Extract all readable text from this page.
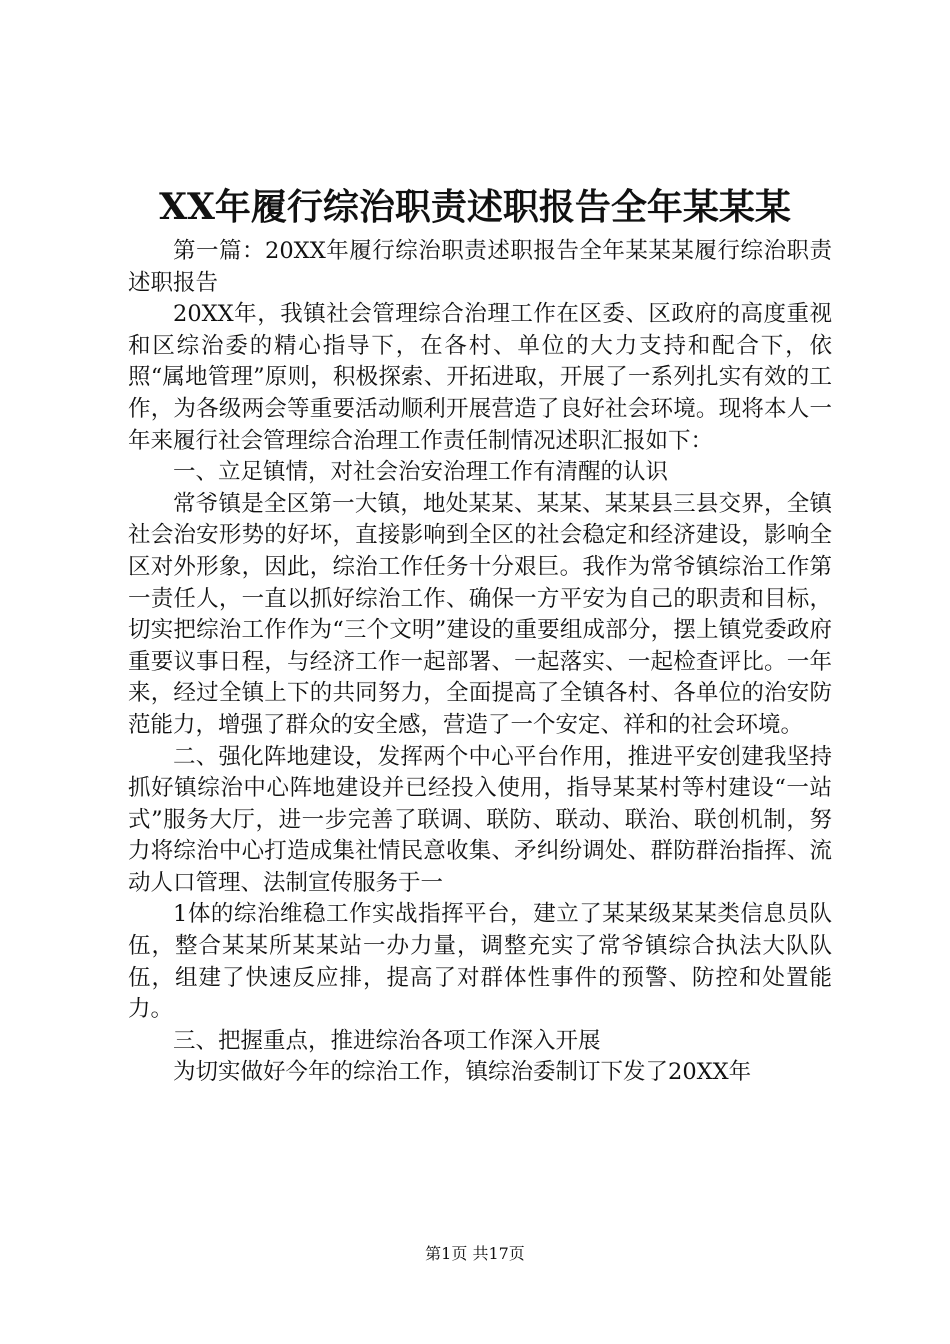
XX年履行综治职责述职报告全年某某某

第一篇：20XX年履行综治职责述职报告全年某某某履行综治职责述职报告

20XX年，我镇社会管理综合治理工作在区委、区政府的高度重视和区综治委的精心指导下，在各村、单位的大力支持和配合下，依照“属地管理”原则，积极探索、开拓进取，开展了一系列扎实有效的工作，为各级两会等重要活动顺利开展营造了良好社会环境。现将本人一年来履行社会管理综合治理工作责任制情况述职汇报如下：

一、立足镇情，对社会治安治理工作有清醒的认识

常爷镇是全区第一大镇，地处某某、某某、某某县三县交界，全镇社会治安形势的好坏，直接影响到全区的社会稳定和经济建设，影响全区对外形象，因此，综治工作任务十分艰巨。我作为常爷镇综治工作第一责任人，一直以抓好综治工作、确保一方平安为自己的职责和目标，切实把综治工作作为“三个文明”建设的重要组成部分，摆上镇党委政府重要议事日程，与经济工作一起部署、一起落实、一起检查评比。一年来，经过全镇上下的共同努力，全面提高了全镇各村、各单位的治安防范能力，增强了群众的安全感，营造了一个安定、祥和的社会环境。

二、强化阵地建设，发挥两个中心平台作用，推进平安创建我坚持抓好镇综治中心阵地建设并已经投入使用，指导某某村等村建设“一站式”服务大厅，进一步完善了联调、联防、联动、联治、联创机制，努力将综治中心打造成集社情民意收集、矛纠纷调处、群防群治指挥、流动人口管理、法制宣传服务于一

1体的综治维稳工作实战指挥平台，建立了某某级某某类信息员队伍，整合某某所某某站一办力量，调整充实了常爷镇综合执法大队队伍，组建了快速反应排，提高了对群体性事件的预警、防控和处置能力。

三、把握重点，推进综治各项工作深入开展

为切实做好今年的综治工作，镇综治委制订下发了20XX年

第1页 共17页
